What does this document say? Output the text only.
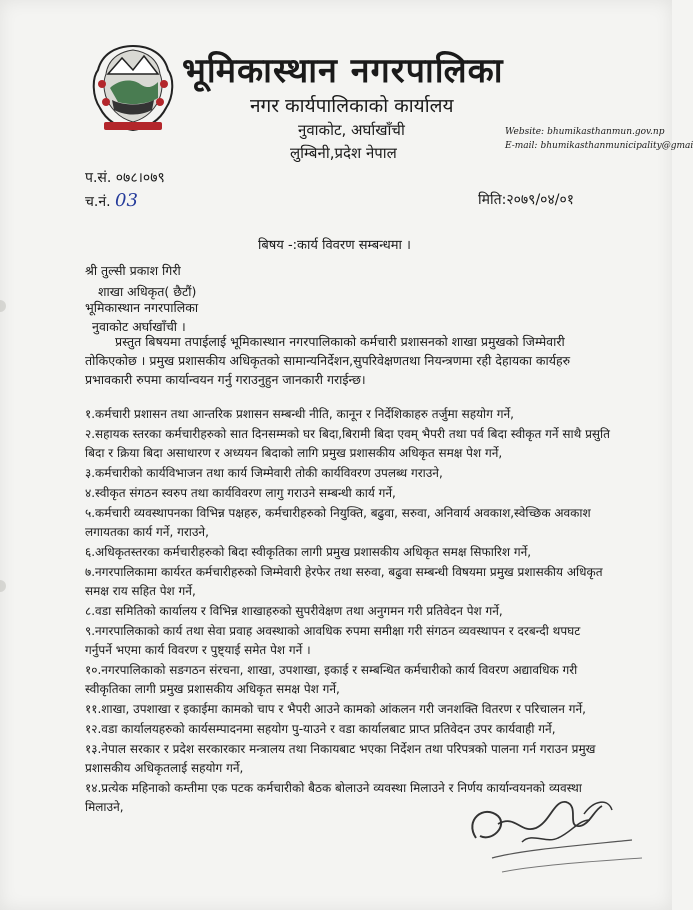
भूमिकास्थान नगरपालिका
नगर कार्यपालिकाको कार्यालय
नुवाकोट, अर्घाखाँची
लुम्बिनी,प्रदेश नेपाल
Website: bhumikasthanmun.gov.np
E-mail: bhumikasthanmunicipality@gmai
प.सं. ०७८।०७९
च.नं. 03	मिति:२०७९/०४/०१
बिषय -:कार्य विवरण सम्बन्धमा ।
श्री तुल्सी प्रकाश गिरी
शाखा अधिकृत( छैटौं)
भूमिकास्थान नगरपालिका
नुवाकोट अर्घाखाँची ।
प्रस्तुत बिषयमा तपाईलाई भूमिकास्थान नगरपालिकाको कर्मचारी प्रशासनको शाखा प्रमुखको जिम्मेवारी तोकिएकोछ । प्रमुख प्रशासकीय अधिकृतको सामान्यनिर्देशन,सुपरिवेक्षणतथा नियन्त्रणमा रही देहायका कार्यहरु प्रभावकारी रुपमा कार्यान्वयन गर्नु गराउनुहुन जानकारी गराईन्छ।
१.कर्मचारी प्रशासन तथा आन्तरिक प्रशासन सम्बन्धी नीति, कानून र निर्देशिकाहरु तर्जुमा सहयोग गर्ने,
२.सहायक स्तरका कर्मचारीहरुको सात दिनसम्मको घर बिदा,बिरामी बिदा एवम् भैपरी तथा पर्व बिदा स्वीकृत गर्ने साथै प्रसुति बिदा र क्रिया बिदा असाधारण र अध्ययन बिदाको लागि प्रमुख प्रशासकीय अधिकृत समक्ष पेश गर्ने,
३.कर्मचारीको कार्यविभाजन तथा कार्य जिम्मेवारी तोकी कार्यविवरण उपलब्ध गराउने,
४.स्वीकृत संगठन स्वरुप तथा कार्यविवरण लागु गराउने सम्बन्धी कार्य गर्ने,
५.कर्मचारी व्यवस्थापनका विभिन्न पक्षहरु, कर्मचारीहरुको नियुक्ति, बढुवा, सरुवा, अनिवार्य अवकाश,स्वेच्छिक अवकाश लगायतका कार्य गर्ने, गराउने,
६.अधिकृतस्तरका कर्मचारीहरुको बिदा स्वीकृतिका लागी प्रमुख प्रशासकीय अधिकृत समक्ष सिफारिश गर्ने,
७.नगरपालिकामा कार्यरत कर्मचारीहरुको जिम्मेवारी हेरफेर तथा सरुवा, बढुवा सम्बन्धी विषयमा प्रमुख प्रशासकीय अधिकृत समक्ष राय सहित पेश गर्ने,
८.वडा समितिको कार्यालय र विभिन्न शाखाहरुको सुपरीवेक्षण तथा अनुगमन गरी प्रतिवेदन पेश गर्ने,
९.नगरपालिकाको कार्य तथा सेवा प्रवाह अवस्थाको आवधिक रुपमा समीक्षा गरी संगठन व्यवस्थापन र दरबन्दी थपघट गर्नुपर्ने भएमा कार्य विवरण र पुष्ट्याई समेत पेश गर्ने ।
१०.नगरपालिकाको सङगठन संरचना, शाखा, उपशाखा, इकाई र सम्बन्धित कर्मचारीको कार्य विवरण अद्यावधिक गरी स्वीकृतिका लागी प्रमुख प्रशासकीय अधिकृत समक्ष पेश गर्ने,
११.शाखा, उपशाखा र इकाईमा कामको चाप र भैपरी आउने कामको आंकलन गरी जनशक्ति वितरण र परिचालन गर्ने,
१२.वडा कार्यालयहरुको कार्यसम्पादनमा सहयोग पु-याउने र वडा कार्यालबाट प्राप्त प्रतिवेदन उपर कार्यवाही गर्ने,
१३.नेपाल सरकार र प्रदेश सरकारकार मन्त्रालय तथा निकायबाट भएका निर्देशन तथा परिपत्रको पालना गर्न गराउन प्रमुख प्रशासकीय अधिकृतलाई सहयोग गर्ने,
१४.प्रत्येक महिनाको कम्तीमा एक पटक कर्मचारीको बैठक बोलाउने व्यवस्था मिलाउने र निर्णय कार्यान्वयनको व्यवस्था मिलाउने,
